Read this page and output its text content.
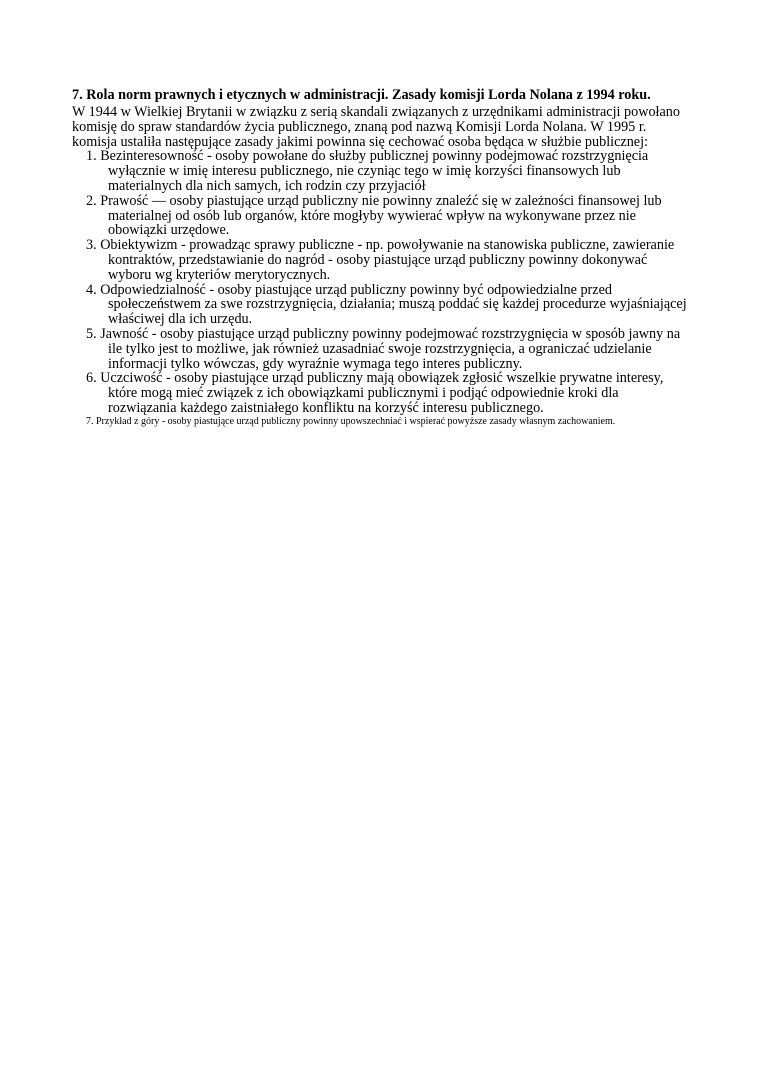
7. Rola norm prawnych i etycznych w administracji. Zasady komisji Lorda Nolana z 1994 roku.

W 1944 w Wielkiej Brytanii w związku z serią skandali związanych z urzędnikami administracji powołano komisję do spraw standardów życia publicznego, znaną pod nazwą Komisji Lorda Nolana. W 1995 r. komisja ustaliła następujące zasady jakimi powinna się cechować osoba będąca w służbie publicznej:

1. Bezinteresowność - osoby powołane do służby publicznej powinny podejmować rozstrzygnięcia wyłącznie w imię interesu publicznego, nie czyniąc tego w imię korzyści finansowych lub materialnych dla nich samych, ich rodzin czy przyjaciół
2. Prawość — osoby piastujące urząd publiczny nie powinny znaleźć się w zależności finansowej lub materialnej od osób lub organów, które mogłyby wywierać wpływ na wykonywane przez nie obowiązki urzędowe.
3. Obiektywizm - prowadząc sprawy publiczne - np. powoływanie na stanowiska publiczne, zawieranie kontraktów, przedstawianie do nagród - osoby piastujące urząd publiczny powinny dokonywać wyboru wg kryteriów merytorycznych.
4. Odpowiedzialność - osoby piastujące urząd publiczny powinny być odpowiedzialne przed społeczeństwem za swe rozstrzygnięcia, działania; muszą poddać się każdej procedurze wyjaśniającej właściwej dla ich urzędu.
5. Jawność - osoby piastujące urząd publiczny powinny podejmować rozstrzygnięcia w sposób jawny na ile tylko jest to możliwe, jak również uzasadniać swoje rozstrzygnięcia, a ograniczać udzielanie informacji tylko wówczas, gdy wyraźnie wymaga tego interes publiczny.
6. Uczciwość - osoby piastujące urząd publiczny mają obowiązek zgłosić wszelkie prywatne interesy, które mogą mieć związek z ich obowiązkami publicznymi i podjąć odpowiednie kroki dla rozwiązania każdego zaistniałego konfliktu na korzyść interesu publicznego.

7. Przykład z góry - osoby piastujące urząd publiczny powinny upowszechniać i wspierać powyższe zasady własnym zachowaniem.
